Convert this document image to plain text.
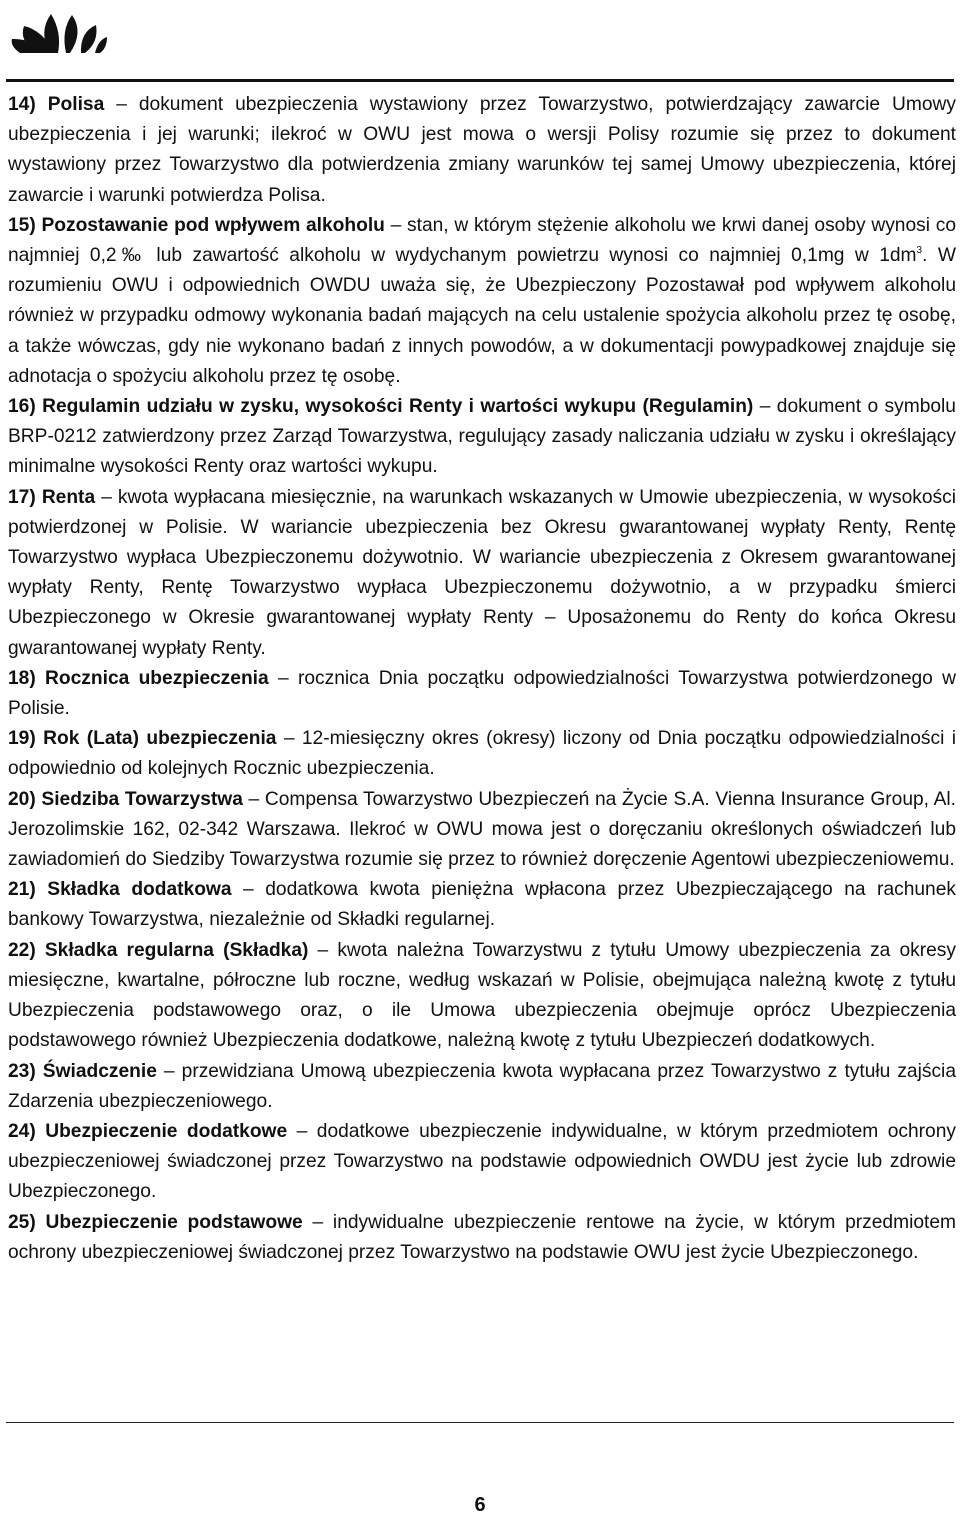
14) Polisa – dokument ubezpieczenia wystawiony przez Towarzystwo, potwierdzający zawarcie Umowy ubezpieczenia i jej warunki; ilekroć w OWU jest mowa o wersji Polisy rozumie się przez to dokument wystawiony przez Towarzystwo dla potwierdzenia zmiany warunków tej samej Umowy ubezpieczenia, której zawarcie i warunki potwierdza Polisa.

15) Pozostawanie pod wpływem alkoholu – stan, w którym stężenie alkoholu we krwi danej osoby wynosi co najmniej 0,2‰ lub zawartość alkoholu w wydychanym powietrzu wynosi co najmniej 0,1mg w $1dm^3$. W rozumieniu OWU i odpowiednich OWDU uważa się, że Ubezpieczony Pozostawał pod wpływem alkoholu również w przypadku odmowy wykonania badań mających na celu ustalenie spożycia alkoholu przez tę osobę, a także wówczas, gdy nie wykonano badań z innych powodów, a w dokumentacji powypadkowej znajduje się adnotacja o spożyciu alkoholu przez tę osobę.

16) Regulamin udziału w zysku, wysokości Renty i wartości wykupu (Regulamin) – dokument o symbolu BRP-0212 zatwierdzony przez Zarząd Towarzystwa, regulujący zasady naliczania udziału w zysku i określający minimalne wysokości Renty oraz wartości wykupu.

17) Renta – kwota wypłacana miesięcznie, na warunkach wskazanych w Umowie ubezpieczenia, w wysokości potwierdzonej w Polisie. W wariancie ubezpieczenia bez Okresu gwarantowanej wypłaty Renty, Rentę Towarzystwo wypłaca Ubezpieczonemu dożywotnio. W wariancie ubezpieczenia z Okresem gwarantowanej wypłaty Renty, Rentę Towarzystwo wypłaca Ubezpieczonemu dożywotnio, a w przypadku śmierci Ubezpieczonego w Okresie gwarantowanej wypłaty Renty – Uposażonemu do Renty do końca Okresu gwarantowanej wypłaty Renty.

18) Rocznica ubezpieczenia – rocznica Dnia początku odpowiedzialności Towarzystwa potwierdzonego w Polisie.

19) Rok (Lata) ubezpieczenia – 12-miesięczny okres (okresy) liczony od Dnia początku odpowiedzialności i odpowiednio od kolejnych Rocznic ubezpieczenia.

20) Siedziba Towarzystwa – Compensa Towarzystwo Ubezpieczeń na Życie S.A. Vienna Insurance Group, Al. Jerozolimskie 162, 02-342 Warszawa. Ilekroć w OWU mowa jest o doręczaniu określonych oświadczeń lub zawiadomień do Siedziby Towarzystwa rozumie się przez to również doręczenie Agentowi ubezpieczeniowemu.

21) Składka dodatkowa – dodatkowa kwota pieniężna wpłacona przez Ubezpieczającego na rachunek bankowy Towarzystwa, niezależnie od Składki regularnej.

22) Składka regularna (Składka) – kwota należna Towarzystwu z tytułu Umowy ubezpieczenia za okresy miesięczne, kwartalne, półroczne lub roczne, według wskazań w Polisie, obejmująca należną kwotę z tytułu Ubezpieczenia podstawowego oraz, o ile Umowa ubezpieczenia obejmuje oprócz Ubezpieczenia podstawowego również Ubezpieczenia dodatkowe, należną kwotę z tytułu Ubezpieczeń dodatkowych.

23) Świadczenie – przewidziana Umową ubezpieczenia kwota wypłacana przez Towarzystwo z tytułu zajścia Zdarzenia ubezpieczeniowego.

24) Ubezpieczenie dodatkowe – dodatkowe ubezpieczenie indywidualne, w którym przedmiotem ochrony ubezpieczeniowej świadczonej przez Towarzystwo na podstawie odpowiednich OWDU jest życie lub zdrowie Ubezpieczonego.

25) Ubezpieczenie podstawowe – indywidualne ubezpieczenie rentowe na życie, w którym przedmiotem ochrony ubezpieczeniowej świadczonej przez Towarzystwo na podstawie OWU jest życie Ubezpieczonego.

6
